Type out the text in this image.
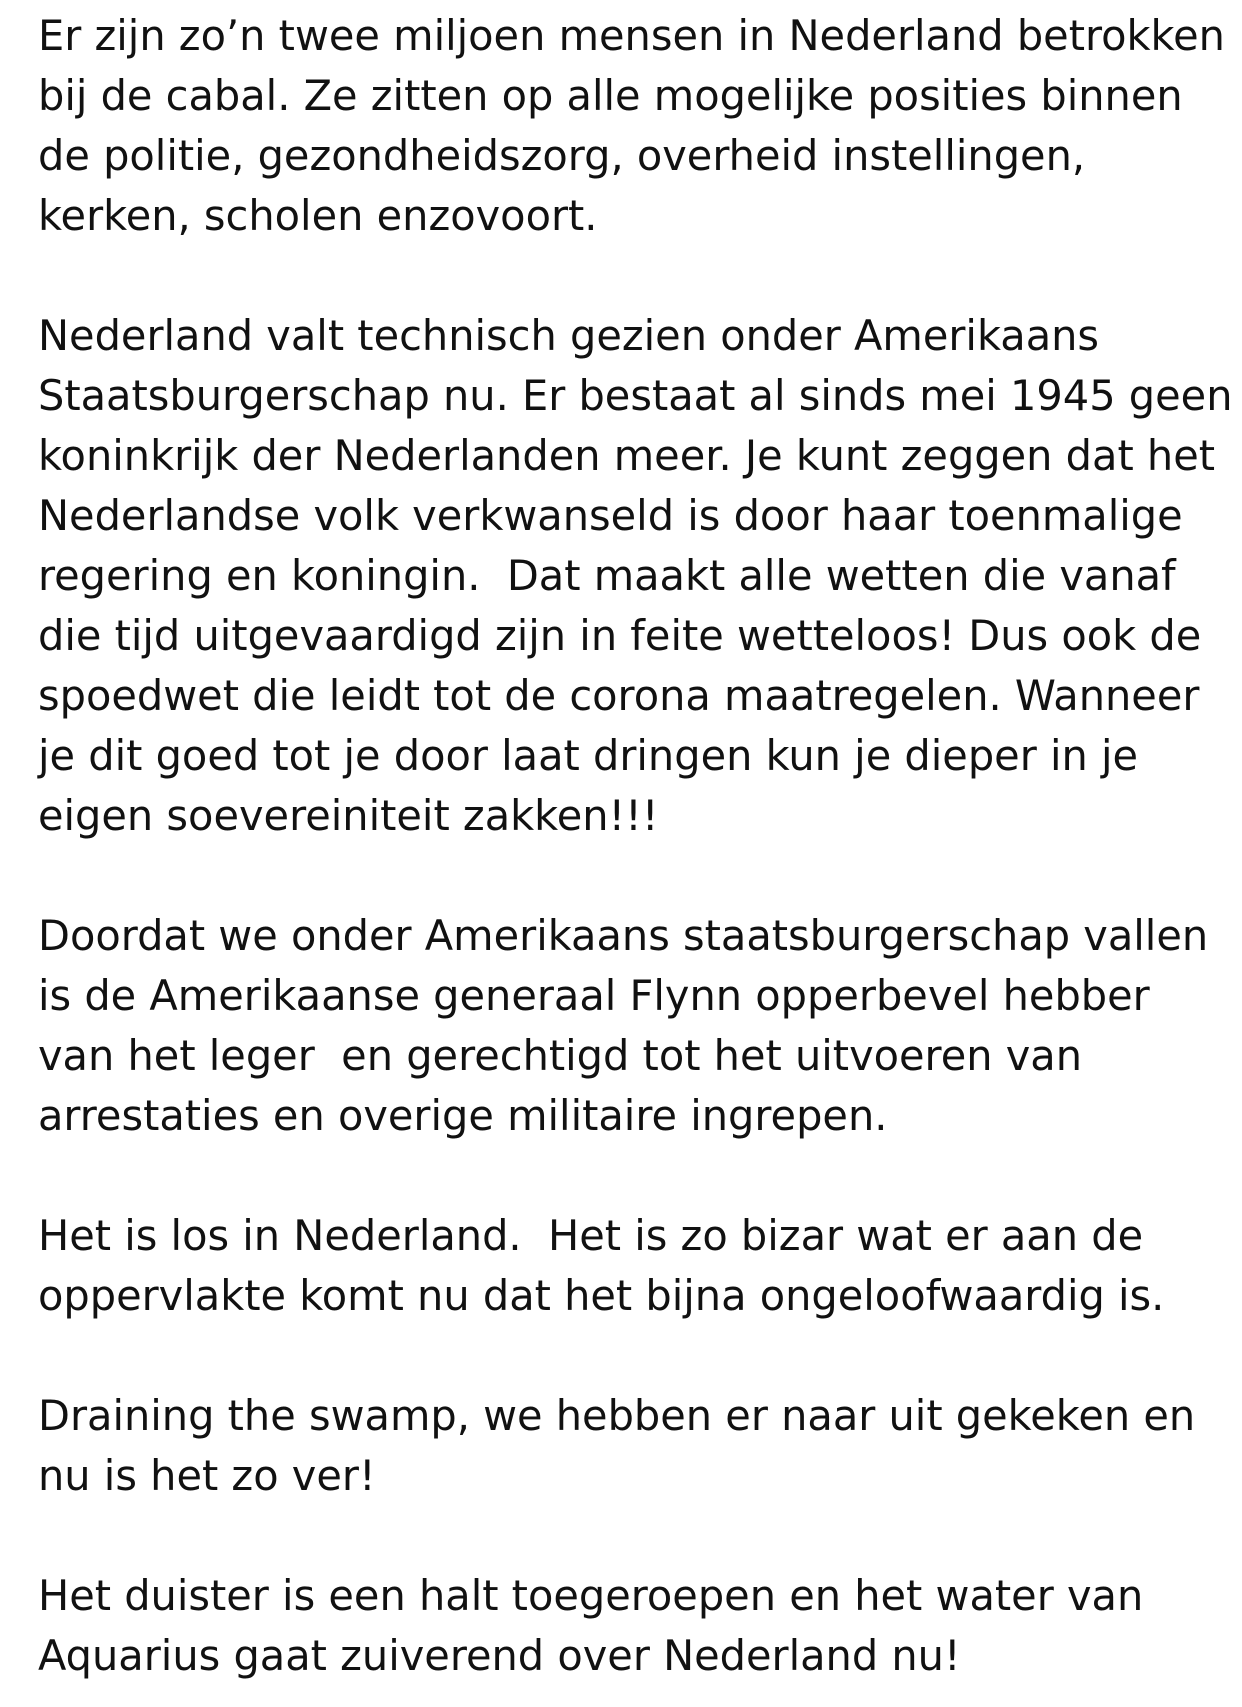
Er zijn zo’n twee miljoen mensen in Nederland betrokken
bij de cabal. Ze zitten op alle mogelijke posities binnen
de politie, gezondheidszorg, overheid instellingen,
kerken, scholen enzovoort.
Nederland valt technisch gezien onder Amerikaans
Staatsburgerschap nu. Er bestaat al sinds mei 1945 geen
koninkrijk der Nederlanden meer. Je kunt zeggen dat het
Nederlandse volk verkwanseld is door haar toenmalige
regering en koningin.  Dat maakt alle wetten die vanaf
die tijd uitgevaardigd zijn in feite wetteloos! Dus ook de
spoedwet die leidt tot de corona maatregelen. Wanneer
je dit goed tot je door laat dringen kun je dieper in je
eigen soevereiniteit zakken!!!
Doordat we onder Amerikaans staatsburgerschap vallen
is de Amerikaanse generaal Flynn opperbevel hebber
van het leger  en gerechtigd tot het uitvoeren van
arrestaties en overige militaire ingrepen.
Het is los in Nederland.  Het is zo bizar wat er aan de
oppervlakte komt nu dat het bijna ongeloofwaardig is.
Draining the swamp, we hebben er naar uit gekeken en
nu is het zo ver!
Het duister is een halt toegeroepen en het water van
Aquarius gaat zuiverend over Nederland nu!
